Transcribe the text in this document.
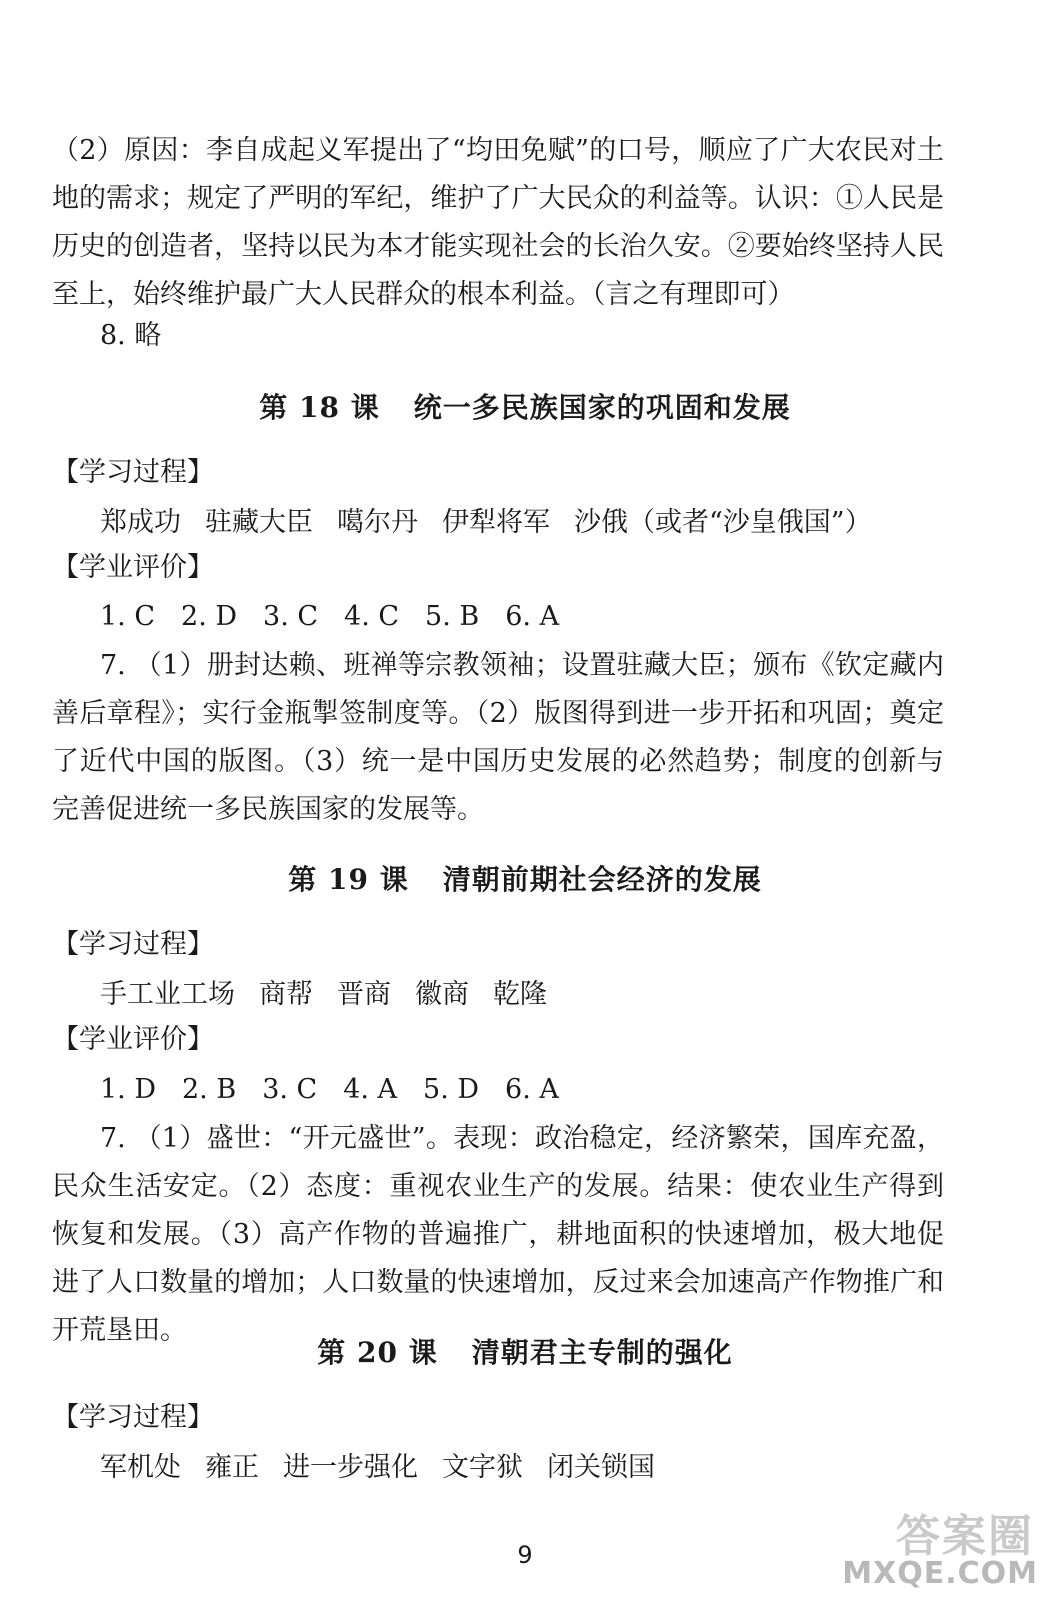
（2）原因：李自成起义军提出了“均田免赋”的口号，顺应了广大农民对土地的需求；规定了严明的军纪，维护了广大民众的利益等。认识：①人民是历史的创造者，坚持以民为本才能实现社会的长治久安。②要始终坚持人民至上，始终维护最广大人民群众的根本利益。（言之有理即可）

8. 略

第 18 课 统一多民族国家的巩固和发展

【学习过程】

郑成功 驻藏大臣 噶尔丹 伊犁将军 沙俄（或者“沙皇俄国”）

【学业评价】

1. C 2. D 3. C 4. C 5. B 6. A

7. （1）册封达赖、班禅等宗教领袖；设置驻藏大臣；颁布《钦定藏内善后章程》；实行金瓶掣签制度等。（2）版图得到进一步开拓和巩固；奠定了近代中国的版图。（3）统一是中国历史发展的必然趋势；制度的创新与完善促进统一多民族国家的发展等。

第 19 课 清朝前期社会经济的发展

【学习过程】

手工业工场 商帮 晋商 徽商 乾隆

【学业评价】

1. D 2. B 3. C 4. A 5. D 6. A

7. （1）盛世：“开元盛世”。表现：政治稳定，经济繁荣，国库充盈，民众生活安定。（2）态度：重视农业生产的发展。结果：使农业生产得到恢复和发展。（3）高产作物的普遍推广，耕地面积的快速增加，极大地促进了人口数量的增加；人口数量的快速增加，反过来会加速高产作物推广和开荒垦田。

第 20 课 清朝君主专制的强化

【学习过程】

军机处 雍正 进一步强化 文字狱 闭关锁国

9	答案圈
MXQE.COM
